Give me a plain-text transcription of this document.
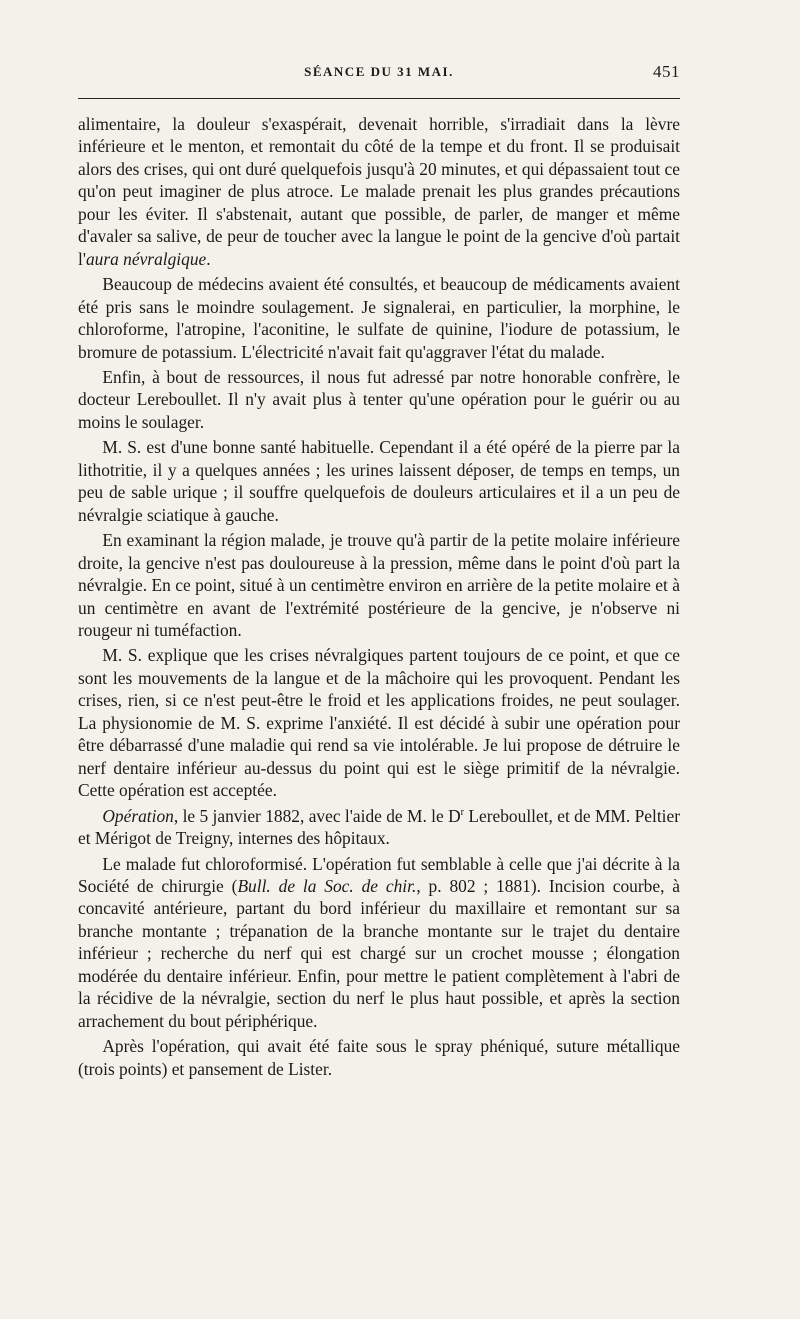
SÉANCE DU 31 MAI.	451

alimentaire, la douleur s'exaspérait, devenait horrible, s'irradiait dans la lèvre inférieure et le menton, et remontait du côté de la tempe et du front. Il se produisait alors des crises, qui ont duré quelquefois jusqu'à 20 minutes, et qui dépassaient tout ce qu'on peut imaginer de plus atroce. Le malade prenait les plus grandes précautions pour les éviter. Il s'abstenait, autant que possible, de parler, de manger et même d'avaler sa salive, de peur de toucher avec la langue le point de la gencive d'où partait l'aura névralgique.

Beaucoup de médecins avaient été consultés, et beaucoup de médicaments avaient été pris sans le moindre soulagement. Je signalerai, en particulier, la morphine, le chloroforme, l'atropine, l'aconitine, le sulfate de quinine, l'iodure de potassium, le bromure de potassium. L'électricité n'avait fait qu'aggraver l'état du malade.

Enfin, à bout de ressources, il nous fut adressé par notre honorable confrère, le docteur Lereboullet. Il n'y avait plus à tenter qu'une opération pour le guérir ou au moins le soulager.

M. S. est d'une bonne santé habituelle. Cependant il a été opéré de la pierre par la lithotritie, il y a quelques années ; les urines laissent déposer, de temps en temps, un peu de sable urique ; il souffre quelquefois de douleurs articulaires et il a un peu de névralgie sciatique à gauche.

En examinant la région malade, je trouve qu'à partir de la petite molaire inférieure droite, la gencive n'est pas douloureuse à la pression, même dans le point d'où part la névralgie. En ce point, situé à un centimètre environ en arrière de la petite molaire et à un centimètre en avant de l'extrémité postérieure de la gencive, je n'observe ni rougeur ni tuméfaction.

M. S. explique que les crises névralgiques partent toujours de ce point, et que ce sont les mouvements de la langue et de la mâchoire qui les provoquent. Pendant les crises, rien, si ce n'est peut-être le froid et les applications froides, ne peut soulager. La physionomie de M. S. exprime l'anxiété. Il est décidé à subir une opération pour être débarrassé d'une maladie qui rend sa vie intolérable. Je lui propose de détruire le nerf dentaire inférieur au-dessus du point qui est le siège primitif de la névralgie. Cette opération est acceptée.

Opération, le 5 janvier 1882, avec l'aide de M. le $D^r$ Lereboullet, et de MM. Peltier et Mérigot de Treigny, internes des hôpitaux.

Le malade fut chloroformisé. L'opération fut semblable à celle que j'ai décrite à la Société de chirurgie (Bull. de la Soc. de chir., p. 802 ; 1881). Incision courbe, à concavité antérieure, partant du bord inférieur du maxillaire et remontant sur sa branche montante ; trépanation de la branche montante sur le trajet du dentaire inférieur ; recherche du nerf qui est chargé sur un crochet mousse ; élongation modérée du dentaire inférieur. Enfin, pour mettre le patient complètement à l'abri de la récidive de la névralgie, section du nerf le plus haut possible, et après la section arrachement du bout périphérique.

Après l'opération, qui avait été faite sous le spray phéniqué, suture métallique (trois points) et pansement de Lister.
